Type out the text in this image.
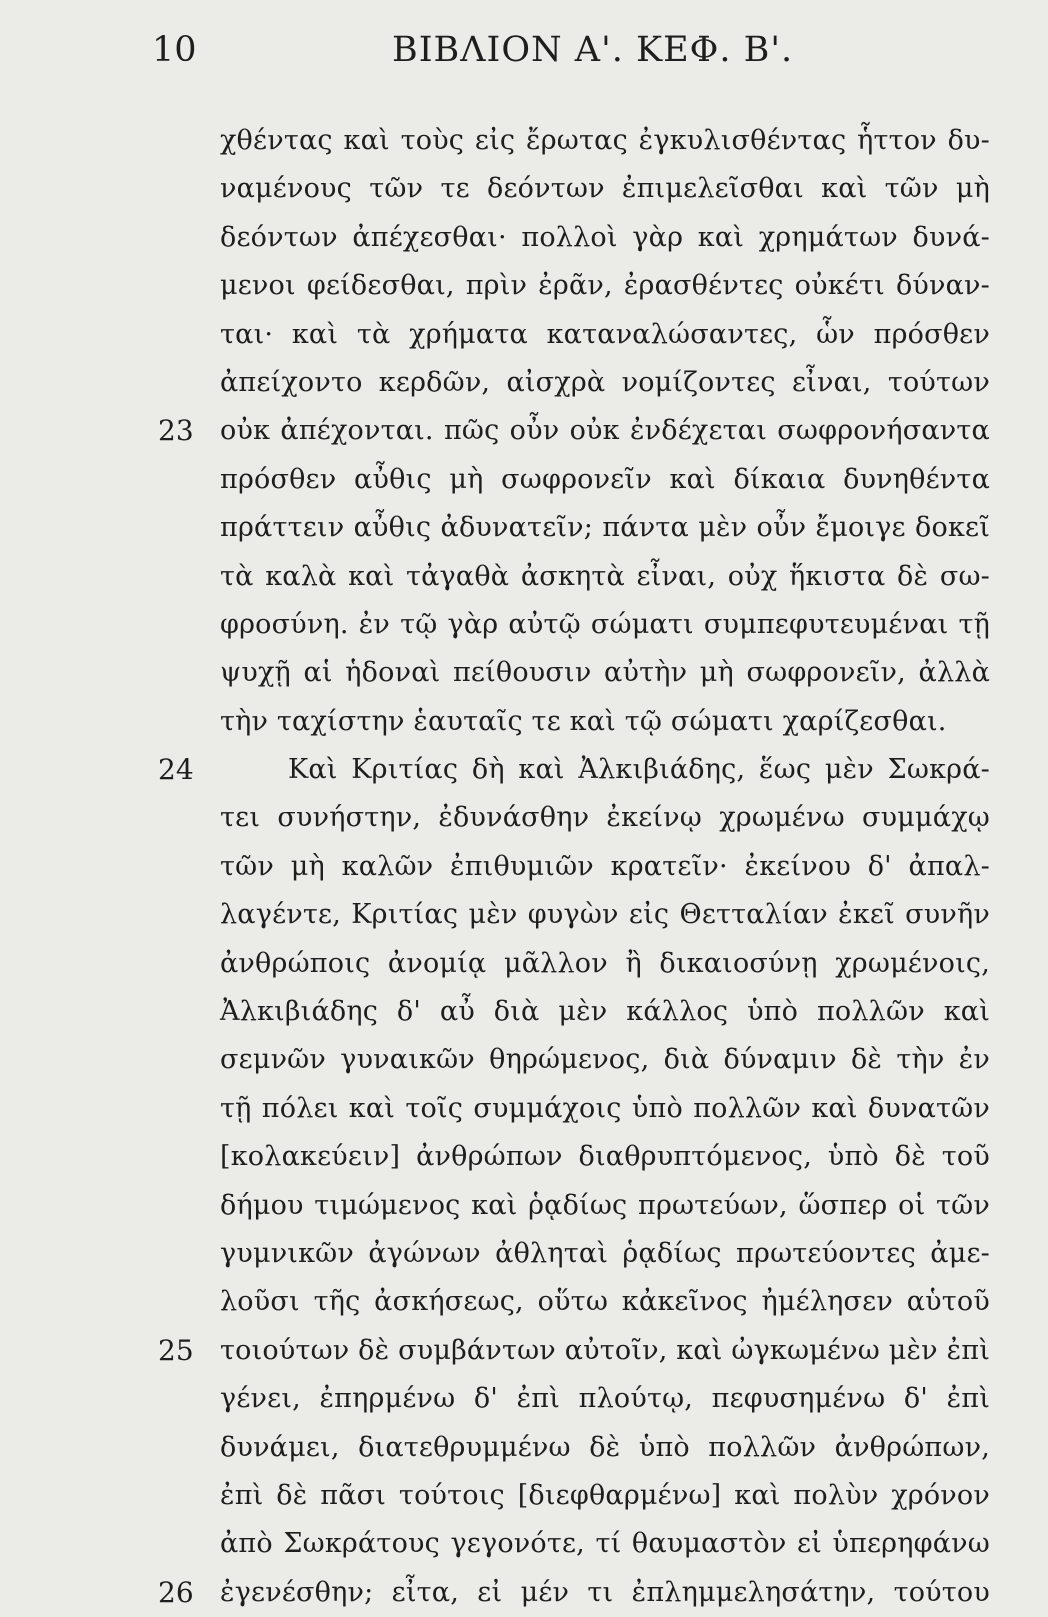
10	ΒΙΒΛΙΟΝ Α'. ΚΕΦ. Β'.
χθέντας καὶ τοὺς εἰς ἔρωτας ἐγκυλισθέντας ἧττον δυ-
ναμένους τῶν τε δεόντων ἐπιμελεῖσθαι καὶ τῶν μὴ
δεόντων ἀπέχεσθαι· πολλοὶ γὰρ καὶ χρημάτων δυνά-
μενοι φείδεσθαι, πρὶν ἐρᾶν, ἐρασθέντες οὐκέτι δύναν-
ται· καὶ τὰ χρήματα καταναλώσαντες, ὧν πρόσθεν
ἀπείχοντο κερδῶν, αἰσχρὰ νομίζοντες εἶναι, τούτων
23 οὐκ ἀπέχονται. πῶς οὖν οὐκ ἐνδέχεται σωφρονήσαντα
πρόσθεν αὖθις μὴ σωφρονεῖν καὶ δίκαια δυνηθέντα
πράττειν αὖθις ἀδυνατεῖν; πάντα μὲν οὖν ἔμοιγε δοκεῖ
τὰ καλὰ καὶ τἀγαθὰ ἀσκητὰ εἶναι, οὐχ ἥκιστα δὲ σω-
φροσύνη. ἐν τῷ γὰρ αὐτῷ σώματι συμπεφυτευμέναι τῇ
ψυχῇ αἱ ἡδοναὶ πείθουσιν αὐτὴν μὴ σωφρονεῖν, ἀλλὰ
τὴν ταχίστην ἑαυταῖς τε καὶ τῷ σώματι χαρίζεσθαι.
24	Καὶ Κριτίας δὴ καὶ Ἀλκιβιάδης, ἕως μὲν Σωκρά-
τει συνήστην, ἐδυνάσθην ἐκείνῳ χρωμένω συμμάχῳ
τῶν μὴ καλῶν ἐπιθυμιῶν κρατεῖν· ἐκείνου δ' ἀπαλ-
λαγέντε, Κριτίας μὲν φυγὼν εἰς Θετταλίαν ἐκεῖ συνῆν
ἀνθρώποις ἀνομίᾳ μᾶλλον ἢ δικαιοσύνῃ χρωμένοις,
Ἀλκιβιάδης δ' αὖ διὰ μὲν κάλλος ὑπὸ πολλῶν καὶ
σεμνῶν γυναικῶν θηρώμενος, διὰ δύναμιν δὲ τὴν ἐν
τῇ πόλει καὶ τοῖς συμμάχοις ὑπὸ πολλῶν καὶ δυνατῶν
[κολακεύειν] ἀνθρώπων διαθρυπτόμενος, ὑπὸ δὲ τοῦ
δήμου τιμώμενος καὶ ῥᾳδίως πρωτεύων, ὥσπερ οἱ τῶν
γυμνικῶν ἀγώνων ἀθληταὶ ῥᾳδίως πρωτεύοντες ἀμε-
λοῦσι τῆς ἀσκήσεως, οὕτω κἀκεῖνος ἠμέλησεν αὑτοῦ
25 τοιούτων δὲ συμβάντων αὐτοῖν, καὶ ὠγκωμένω μὲν ἐπὶ
γένει, ἐπηρμένω δ' ἐπὶ πλούτῳ, πεφυσημένω δ' ἐπὶ
δυνάμει, διατεθρυμμένω δὲ ὑπὸ πολλῶν ἀνθρώπων,
ἐπὶ δὲ πᾶσι τούτοις [διεφθαρμένω] καὶ πολὺν χρόνον
ἀπὸ Σωκράτους γεγονότε, τί θαυμαστὸν εἰ ὑπερηφάνω
26 ἐγενέσθην; εἶτα, εἰ μέν τι ἐπλημμελησάτην, τούτου
